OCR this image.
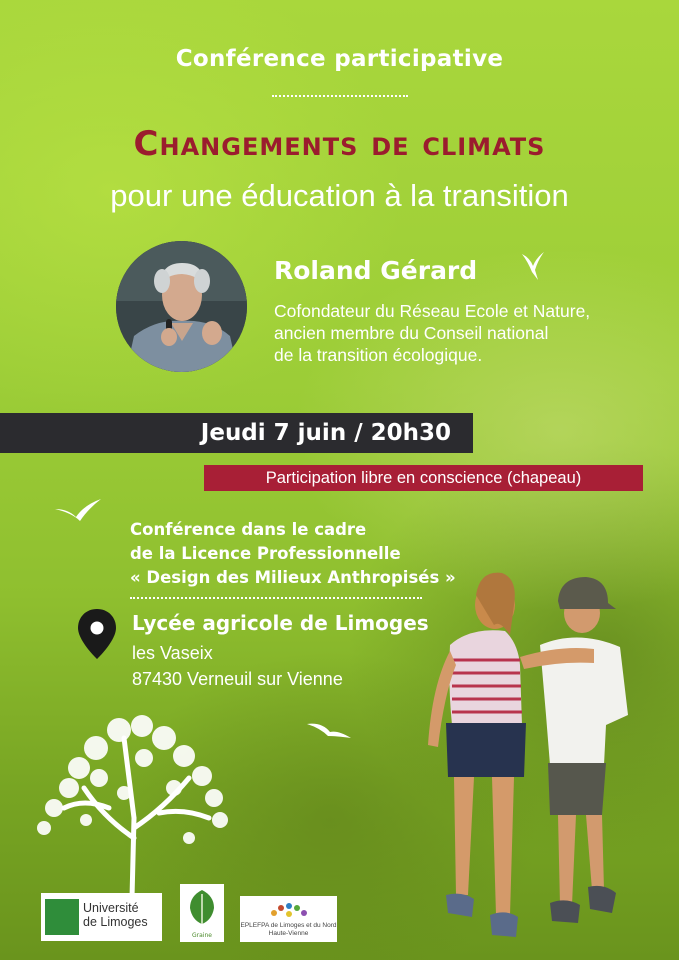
Conférence participative
Changements de climats
pour une éducation à la transition
Roland Gérard
Cofondateur du Réseau Ecole et Nature,
ancien membre du Conseil national
de la transition écologique.
Jeudi 7 juin / 20h30
Participation libre en conscience (chapeau)
Conférence dans le cadre
de la Licence Professionnelle
« Design des Milieux Anthropisés »
Lycée agricole de Limoges
les Vaseix
87430 Verneuil sur Vienne
Université
de Limoges
Graine
EPLEFPA de Limoges et du Nord
Haute-Vienne
